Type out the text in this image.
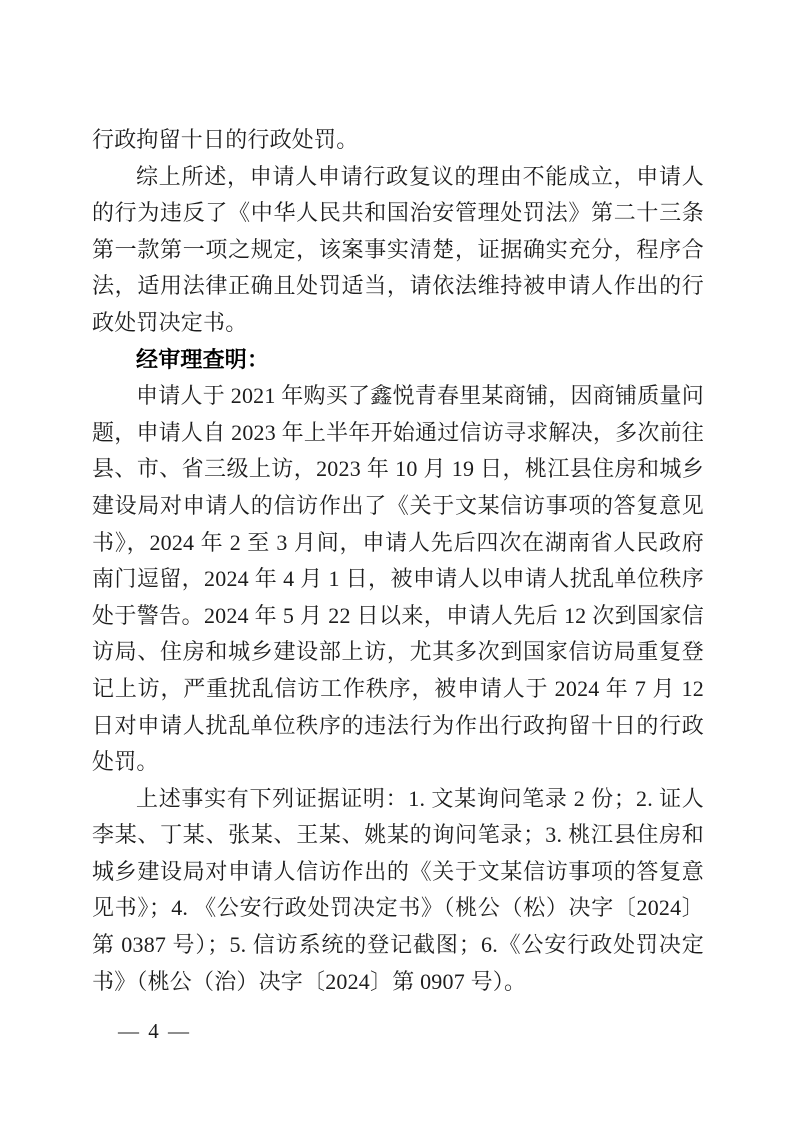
行政拘留十日的行政处罚。

综上所述，申请人申请行政复议的理由不能成立，申请人的行为违反了《中华人民共和国治安管理处罚法》第二十三条第一款第一项之规定，该案事实清楚，证据确实充分，程序合法，适用法律正确且处罚适当，请依法维持被申请人作出的行政处罚决定书。

经审理查明：

申请人于 2021 年购买了鑫悦青春里某商铺，因商铺质量问题，申请人自 2023 年上半年开始通过信访寻求解决，多次前往县、市、省三级上访，2023 年 10 月 19 日，桃江县住房和城乡建设局对申请人的信访作出了《关于文某信访事项的答复意见书》，2024 年 2 至 3 月间，申请人先后四次在湖南省人民政府南门逗留，2024 年 4 月 1 日，被申请人以申请人扰乱单位秩序处于警告。2024 年 5 月 22 日以来，申请人先后 12 次到国家信访局、住房和城乡建设部上访，尤其多次到国家信访局重复登记上访，严重扰乱信访工作秩序，被申请人于 2024 年 7 月 12 日对申请人扰乱单位秩序的违法行为作出行政拘留十日的行政处罚。

上述事实有下列证据证明：1. 文某询问笔录 2 份；2. 证人李某、丁某、张某、王某、姚某的询问笔录；3. 桃江县住房和城乡建设局对申请人信访作出的《关于文某信访事项的答复意见书》；4. 《公安行政处罚决定书》（桃公（松）决字〔2024〕第 0387 号）；5. 信访系统的登记截图；6.《公安行政处罚决定书》（桃公（治）决字〔2024〕第 0907 号）。

— 4 —
